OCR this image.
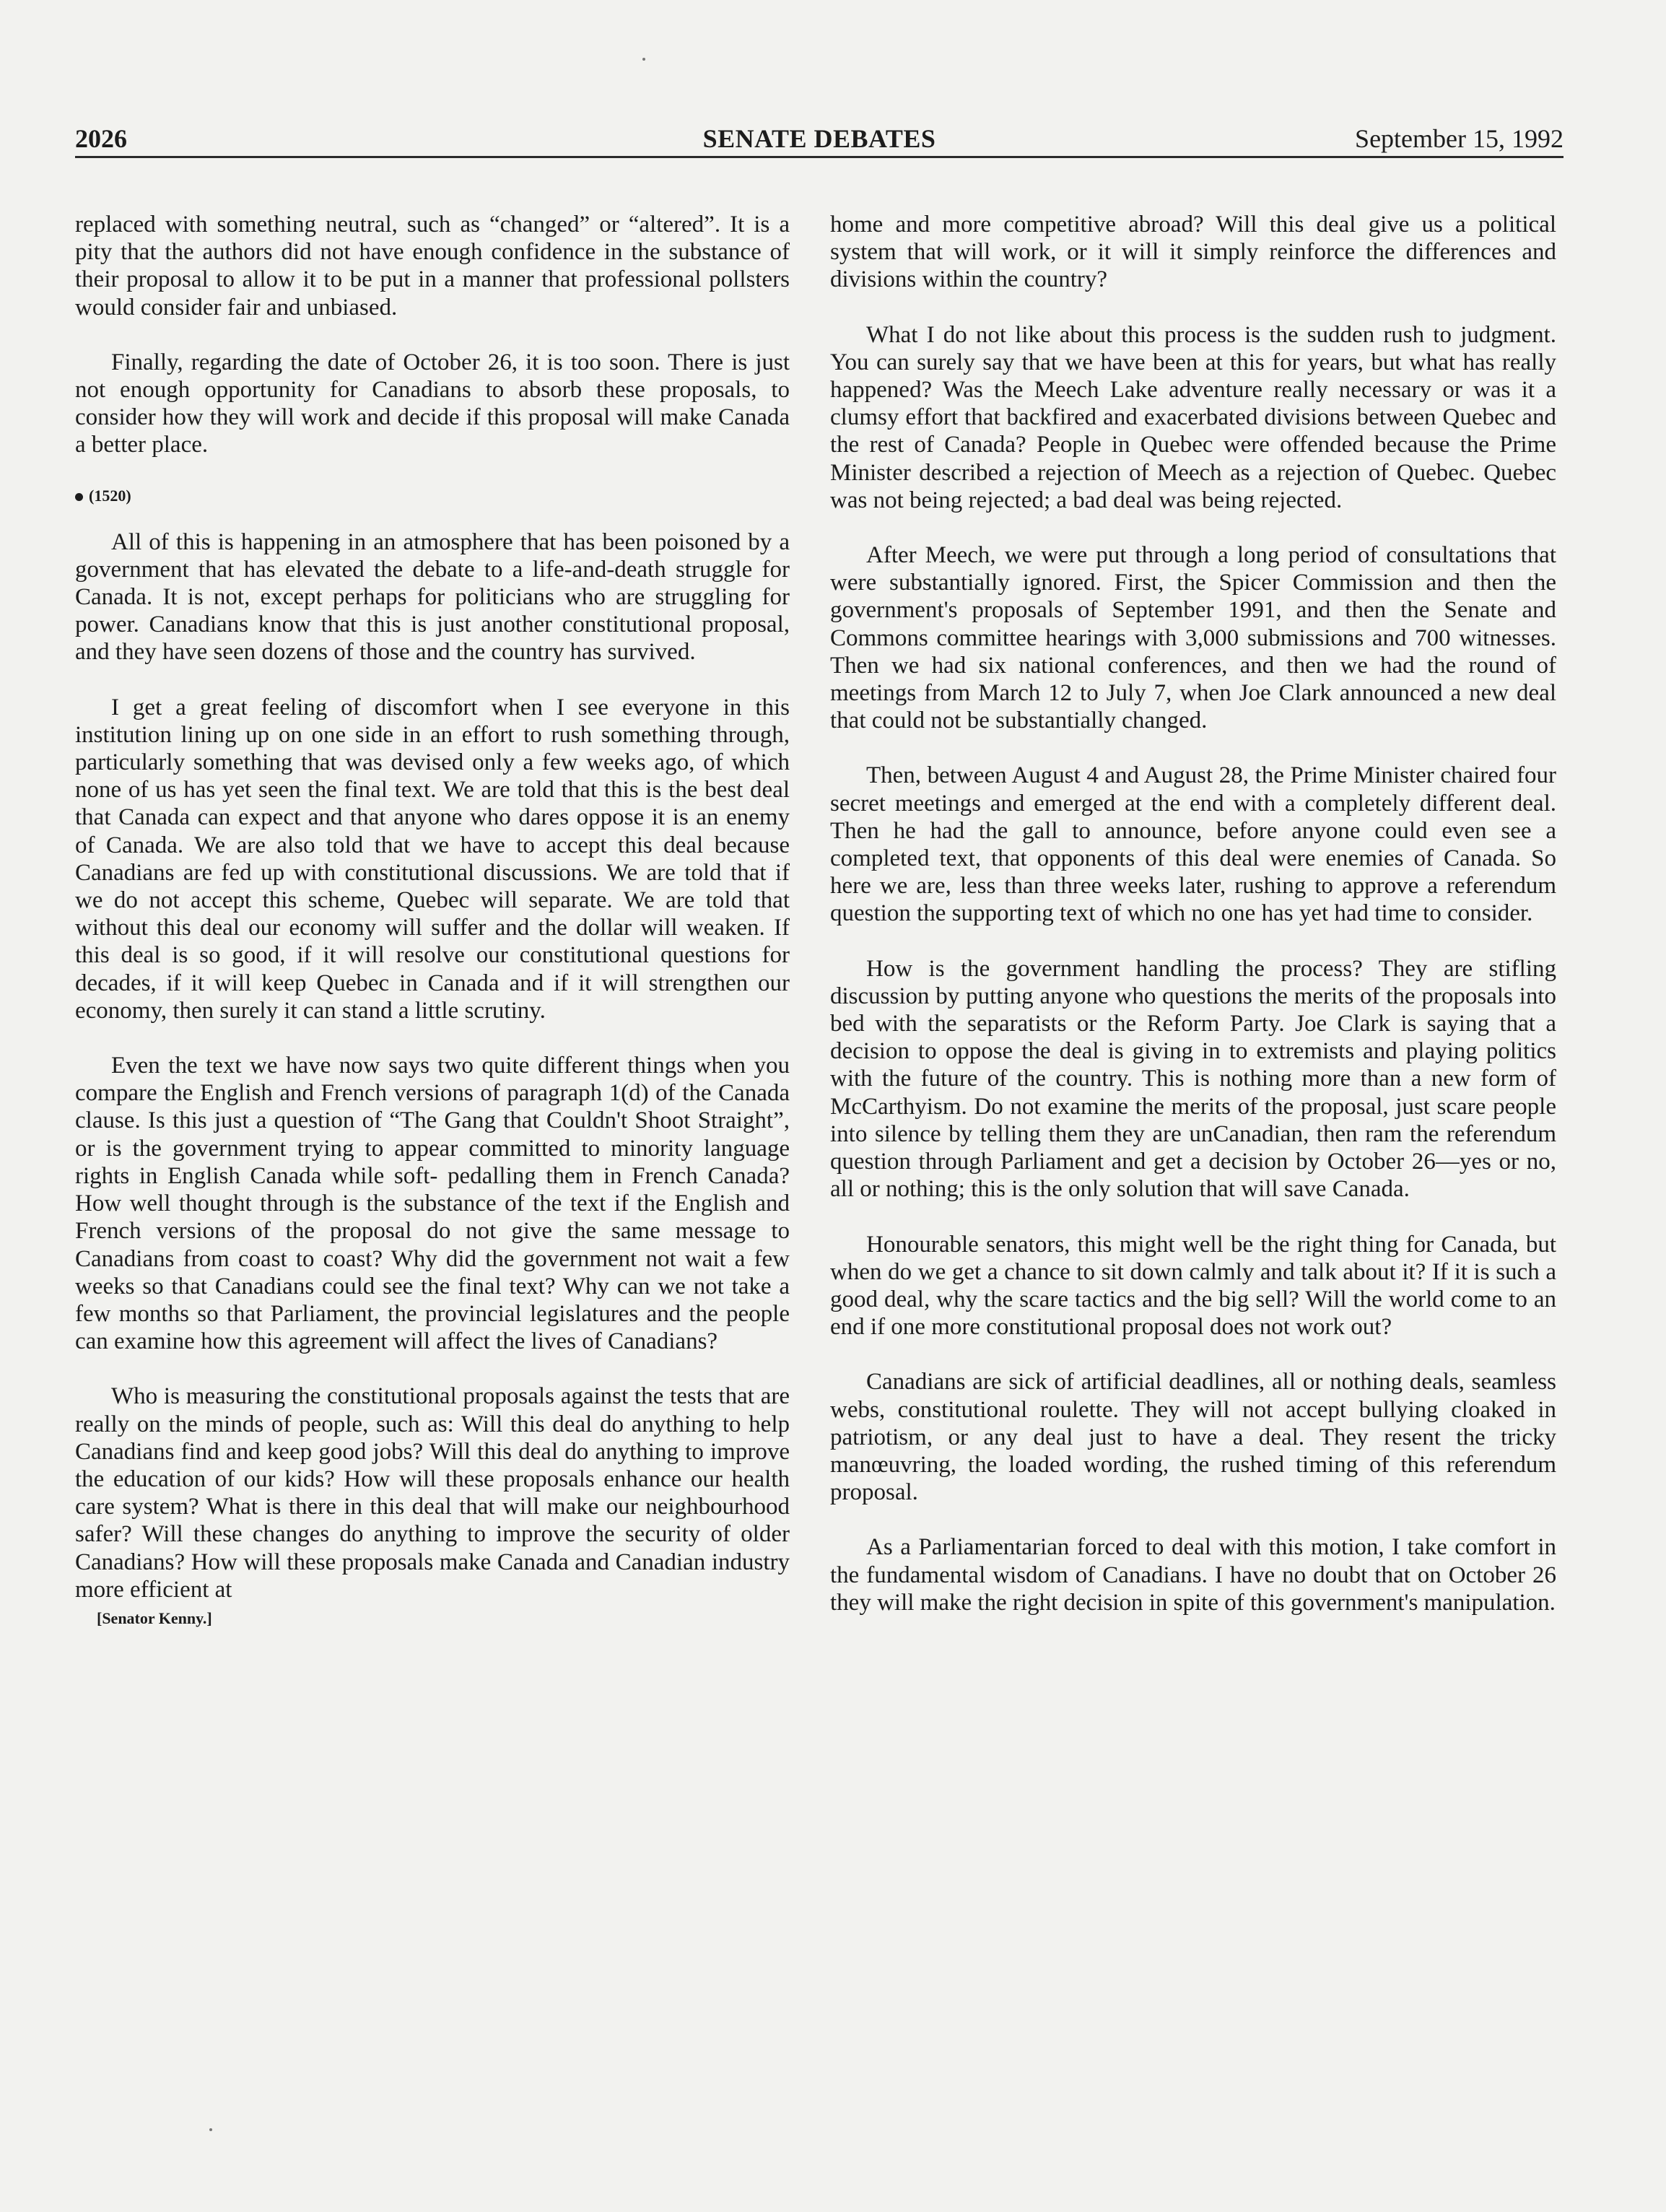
2026	SENATE DEBATES	September 15, 1992

replaced with something neutral, such as “changed” or “altered”. It is a pity that the authors did not have enough confidence in the substance of their proposal to allow it to be put in a manner that professional pollsters would consider fair and unbiased.

Finally, regarding the date of October 26, it is too soon. There is just not enough opportunity for Canadians to absorb these proposals, to consider how they will work and decide if this proposal will make Canada a better place.

(1520)

All of this is happening in an atmosphere that has been poisoned by a government that has elevated the debate to a life-and-death struggle for Canada. It is not, except perhaps for politicians who are struggling for power. Canadians know that this is just another constitutional proposal, and they have seen dozens of those and the country has survived.

I get a great feeling of discomfort when I see everyone in this institution lining up on one side in an effort to rush something through, particularly something that was devised only a few weeks ago, of which none of us has yet seen the final text. We are told that this is the best deal that Canada can expect and that anyone who dares oppose it is an enemy of Canada. We are also told that we have to accept this deal because Canadians are fed up with constitutional discussions. We are told that if we do not accept this scheme, Quebec will separate. We are told that without this deal our economy will suffer and the dollar will weaken. If this deal is so good, if it will resolve our constitutional questions for decades, if it will keep Quebec in Canada and if it will strengthen our economy, then surely it can stand a little scrutiny.

Even the text we have now says two quite different things when you compare the English and French versions of paragraph 1(d) of the Canada clause. Is this just a question of “The Gang that Couldn't Shoot Straight”, or is the government trying to appear committed to minority language rights in English Canada while soft- pedalling them in French Canada? How well thought through is the substance of the text if the English and French versions of the proposal do not give the same message to Canadians from coast to coast? Why did the government not wait a few weeks so that Canadians could see the final text? Why can we not take a few months so that Parliament, the provincial legislatures and the people can examine how this agreement will affect the lives of Canadians?

Who is measuring the constitutional proposals against the tests that are really on the minds of people, such as: Will this deal do anything to help Canadians find and keep good jobs? Will this deal do anything to improve the education of our kids? How will these proposals enhance our health care system? What is there in this deal that will make our neighbourhood safer? Will these changes do anything to improve the security of older Canadians? How will these proposals make Canada and Canadian industry more efficient at

[Senator Kenny.]

home and more competitive abroad? Will this deal give us a political system that will work, or it will it simply reinforce the differences and divisions within the country?

What I do not like about this process is the sudden rush to judgment. You can surely say that we have been at this for years, but what has really happened? Was the Meech Lake adventure really necessary or was it a clumsy effort that backfired and exacerbated divisions between Quebec and the rest of Canada? People in Quebec were offended because the Prime Minister described a rejection of Meech as a rejection of Quebec. Quebec was not being rejected; a bad deal was being rejected.

After Meech, we were put through a long period of consultations that were substantially ignored. First, the Spicer Commission and then the government's proposals of September 1991, and then the Senate and Commons committee hearings with 3,000 submissions and 700 witnesses. Then we had six national conferences, and then we had the round of meetings from March 12 to July 7, when Joe Clark announced a new deal that could not be substantially changed.

Then, between August 4 and August 28, the Prime Minister chaired four secret meetings and emerged at the end with a completely different deal. Then he had the gall to announce, before anyone could even see a completed text, that opponents of this deal were enemies of Canada. So here we are, less than three weeks later, rushing to approve a referendum question the supporting text of which no one has yet had time to consider.

How is the government handling the process? They are stifling discussion by putting anyone who questions the merits of the proposals into bed with the separatists or the Reform Party. Joe Clark is saying that a decision to oppose the deal is giving in to extremists and playing politics with the future of the country. This is nothing more than a new form of McCarthyism. Do not examine the merits of the proposal, just scare people into silence by telling them they are unCanadian, then ram the referendum question through Parliament and get a decision by October 26—yes or no, all or nothing; this is the only solution that will save Canada.

Honourable senators, this might well be the right thing for Canada, but when do we get a chance to sit down calmly and talk about it? If it is such a good deal, why the scare tactics and the big sell? Will the world come to an end if one more constitutional proposal does not work out?

Canadians are sick of artificial deadlines, all or nothing deals, seamless webs, constitutional roulette. They will not accept bullying cloaked in patriotism, or any deal just to have a deal. They resent the tricky manœuvring, the loaded wording, the rushed timing of this referendum proposal.

As a Parliamentarian forced to deal with this motion, I take comfort in the fundamental wisdom of Canadians. I have no doubt that on October 26 they will make the right decision in spite of this government's manipulation.
